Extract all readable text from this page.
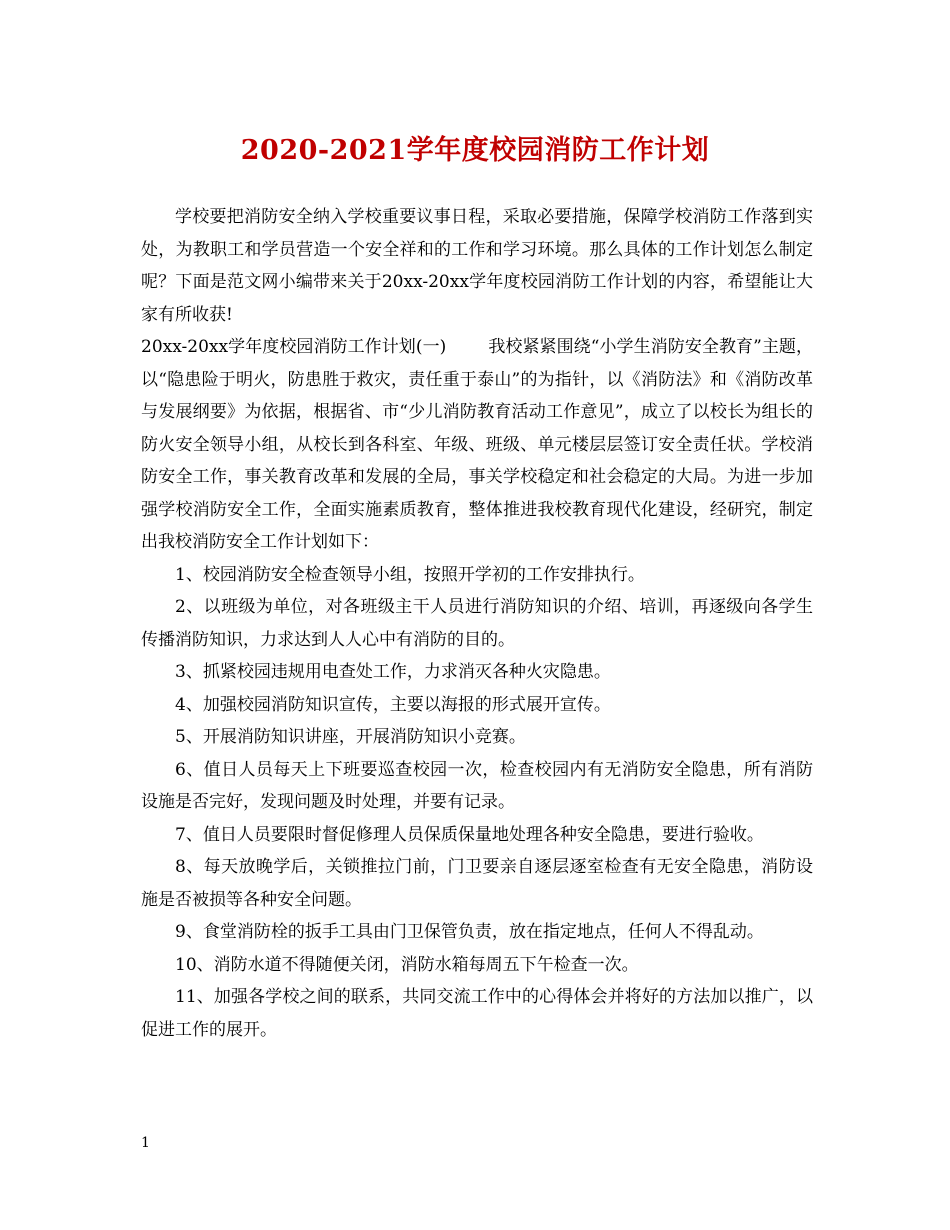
2020-2021学年度校园消防工作计划

学校要把消防安全纳入学校重要议事日程，采取必要措施，保障学校消防工作落到实处，为教职工和学员营造一个安全祥和的工作和学习环境。那么具体的工作计划怎么制定呢？下面是范文网小编带来关于20xx-20xx学年度校园消防工作计划的内容，希望能让大家有所收获!

20xx-20xx学年度校园消防工作计划(一) 我校紧紧围绕“小学生消防安全教育”主题，以“隐患险于明火，防患胜于救灾，责任重于泰山”的为指针，以《消防法》和《消防改革与发展纲要》为依据，根据省、市“少儿消防教育活动工作意见”，成立了以校长为组长的防火安全领导小组，从校长到各科室、年级、班级、单元楼层层签订安全责任状。学校消防安全工作，事关教育改革和发展的全局，事关学校稳定和社会稳定的大局。为进一步加强学校消防安全工作，全面实施素质教育，整体推进我校教育现代化建设，经研究，制定出我校消防安全工作计划如下：

1、校园消防安全检查领导小组，按照开学初的工作安排执行。

2、以班级为单位，对各班级主干人员进行消防知识的介绍、培训，再逐级向各学生传播消防知识，力求达到人人心中有消防的目的。

3、抓紧校园违规用电查处工作，力求消灭各种火灾隐患。

4、加强校园消防知识宣传，主要以海报的形式展开宣传。

5、开展消防知识讲座，开展消防知识小竞赛。

6、值日人员每天上下班要巡查校园一次，检查校园内有无消防安全隐患，所有消防设施是否完好，发现问题及时处理，并要有记录。

7、值日人员要限时督促修理人员保质保量地处理各种安全隐患，要进行验收。

8、每天放晚学后，关锁推拉门前，门卫要亲自逐层逐室检查有无安全隐患，消防设施是否被损等各种安全问题。

9、食堂消防栓的扳手工具由门卫保管负责，放在指定地点，任何人不得乱动。

10、消防水道不得随便关闭，消防水箱每周五下午检查一次。

11、加强各学校之间的联系，共同交流工作中的心得体会并将好的方法加以推广，以促进工作的展开。

1
